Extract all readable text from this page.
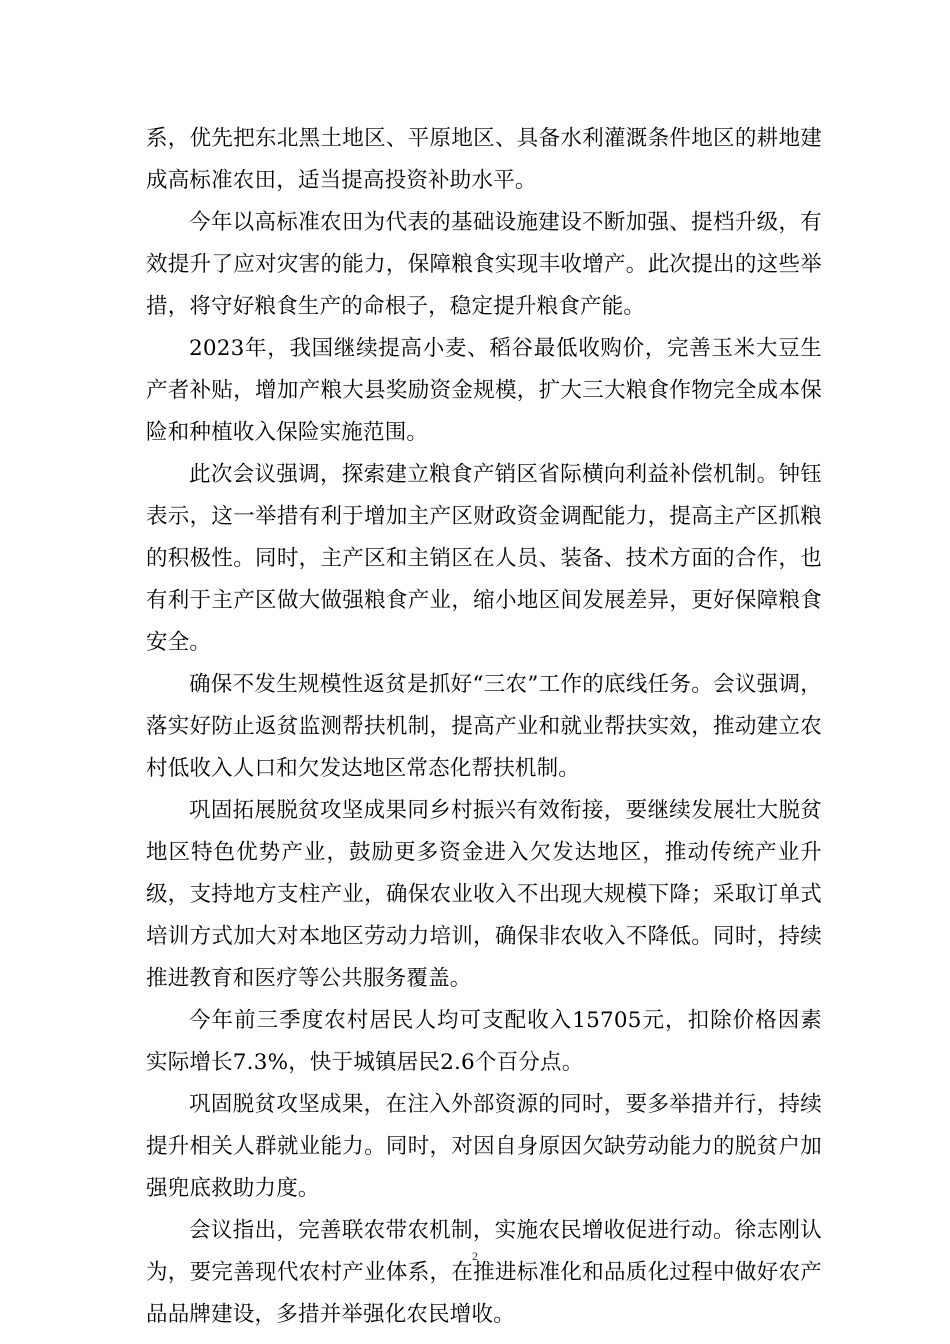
系，优先把东北黑土地区、平原地区、具备水利灌溉条件地区的耕地建成高标准农田，适当提高投资补助水平。

今年以高标准农田为代表的基础设施建设不断加强、提档升级，有效提升了应对灾害的能力，保障粮食实现丰收增产。此次提出的这些举措，将守好粮食生产的命根子，稳定提升粮食产能。

2023年，我国继续提高小麦、稻谷最低收购价，完善玉米大豆生产者补贴，增加产粮大县奖励资金规模，扩大三大粮食作物完全成本保险和种植收入保险实施范围。

此次会议强调，探索建立粮食产销区省际横向利益补偿机制。钟钰表示，这一举措有利于增加主产区财政资金调配能力，提高主产区抓粮的积极性。同时，主产区和主销区在人员、装备、技术方面的合作，也有利于主产区做大做强粮食产业，缩小地区间发展差异，更好保障粮食安全。

确保不发生规模性返贫是抓好“三农”工作的底线任务。会议强调，落实好防止返贫监测帮扶机制，提高产业和就业帮扶实效，推动建立农村低收入人口和欠发达地区常态化帮扶机制。

巩固拓展脱贫攻坚成果同乡村振兴有效衔接，要继续发展壮大脱贫地区特色优势产业，鼓励更多资金进入欠发达地区，推动传统产业升级，支持地方支柱产业，确保农业收入不出现大规模下降；采取订单式培训方式加大对本地区劳动力培训，确保非农收入不降低。同时，持续推进教育和医疗等公共服务覆盖。

今年前三季度农村居民人均可支配收入15705元，扣除价格因素实际增长7.3%，快于城镇居民2.6个百分点。

巩固脱贫攻坚成果，在注入外部资源的同时，要多举措并行，持续提升相关人群就业能力。同时，对因自身原因欠缺劳动能力的脱贫户加强兜底救助力度。

会议指出，完善联农带农机制，实施农民增收促进行动。徐志刚认为，要完善现代农村产业体系，在推进标准化和品质化过程中做好农产品品牌建设，多措并举强化农民增收。

2
